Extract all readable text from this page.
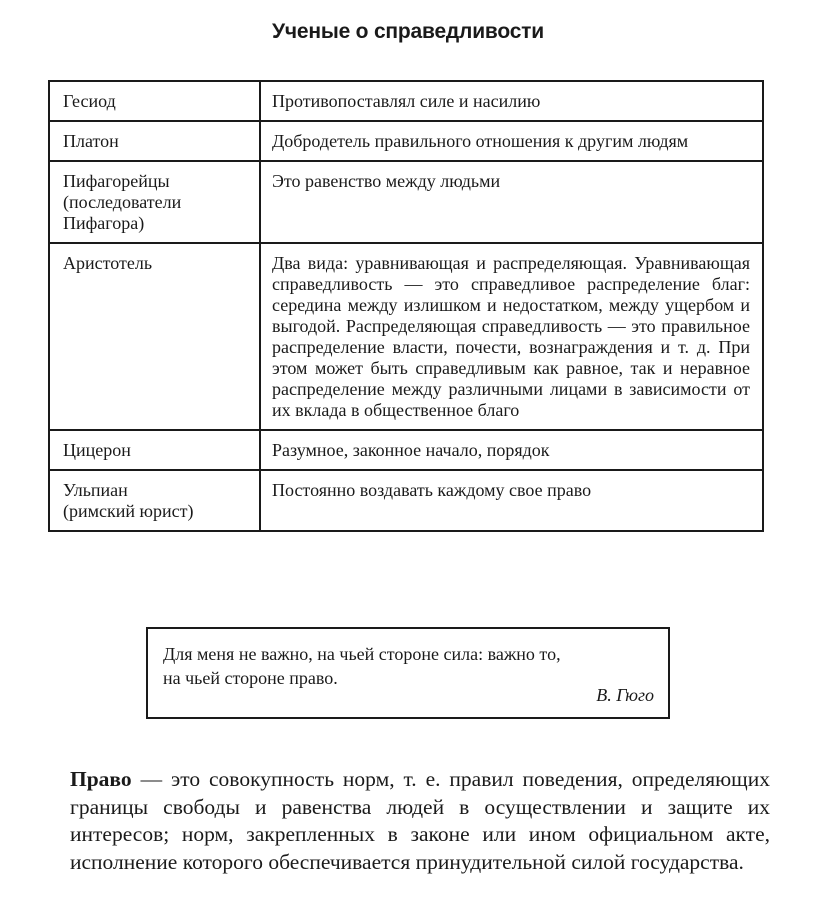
Ученые о справедливости
Гесиод	Противопоставлял силе и насилию
Платон	Добродетель правильного отношения к другим людям
Пифагорейцы
(последователи
Пифагора)	Это равенство между людьми
Аристотель	Два вида: уравнивающая и распределяющая. Уравнивающая справедливость — это справедливое распределение благ: середина между излишком и недостатком, между ущербом и выгодой. Распределяющая справедливость — это правильное распределение власти, почести, вознаграждения и т. д. При этом может быть справедливым как равное, так и неравное распределение между различными лицами в зависимости от их вклада в общественное благо
Цицерон	Разумное, законное начало, порядок
Ульпиан
(римский юрист)	Постоянно воздавать каждому свое право
Для меня не важно, на чьей стороне сила: важно то,
на чьей стороне право.
В. Гюго

Право — это совокупность норм, т. е. правил поведения, определяющих границы свободы и равенства людей в осуществлении и защите их интересов; норм, закрепленных в законе или ином официальном акте, исполнение которого обеспечивается принудительной силой государства.
